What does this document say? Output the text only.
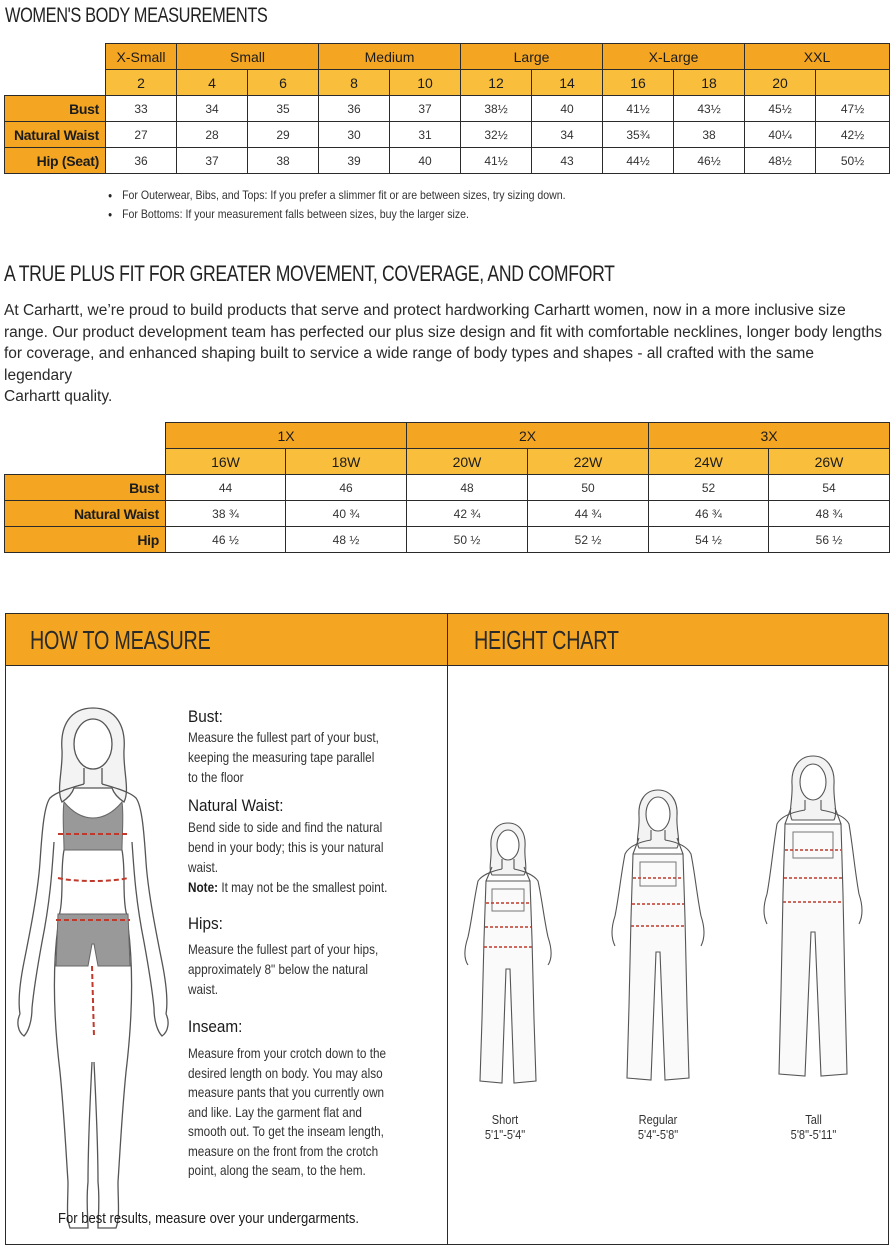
WOMEN'S BODY MEASUREMENTS
	X-Small	Small		Medium		Large		X-Large		XXL	
	2	4	6	8	10	12	14	16	18	20	
Bust	33	34	35	36	37	38½	40	41½	43½	45½	47½
Natural Waist	27	28	29	30	31	32½	34	35¾	38	40¼	42½
Hip (Seat)	36	37	38	39	40	41½	43	44½	46½	48½	50½
● For Outerwear, Bibs, and Tops: If you prefer a slimmer fit or are between sizes, try sizing down.
● For Bottoms: If your measurement falls between sizes, buy the larger size.
A TRUE PLUS FIT FOR GREATER MOVEMENT, COVERAGE, AND COMFORT
At Carhartt, we’re proud to build products that serve and protect hardworking Carhartt women, now in a more inclusive size
range. Our product development team has perfected our plus size design and fit with comfortable necklines, longer body lengths
for coverage, and enhanced shaping built to service a wide range of body types and shapes - all crafted with the same legendary
Carhartt quality.
	1X		2X		3X	
	16W	18W	20W	22W	24W	26W
Bust	44	46	48	50	52	54
Natural Waist	38 ¾	40 ¾	42 ¾	44 ¾	46 ¾	48 ¾
Hip	46 ½	48 ½	50 ½	52 ½	54 ½	56 ½
HOW TO MEASURE
Bust:
Measure the fullest part of your bust,
keeping the measuring tape parallel
to the floor
Natural Waist:
Bend side to side and find the natural
bend in your body; this is your natural
waist.
Note: It may not be the smallest point.
Hips:
Measure the fullest part of your hips,
approximately 8" below the natural
waist.
Inseam:
Measure from your crotch down to the
desired length on body. You may also
measure pants that you currently own
and like. Lay the garment flat and
smooth out. To get the inseam length,
measure on the front from the crotch
point, along the seam, to the hem.
For best results, measure over your undergarments.
HEIGHT CHART
Short
5'1"-5'4"
Regular
5'4"-5'8"
Tall
5'8"-5'11"
